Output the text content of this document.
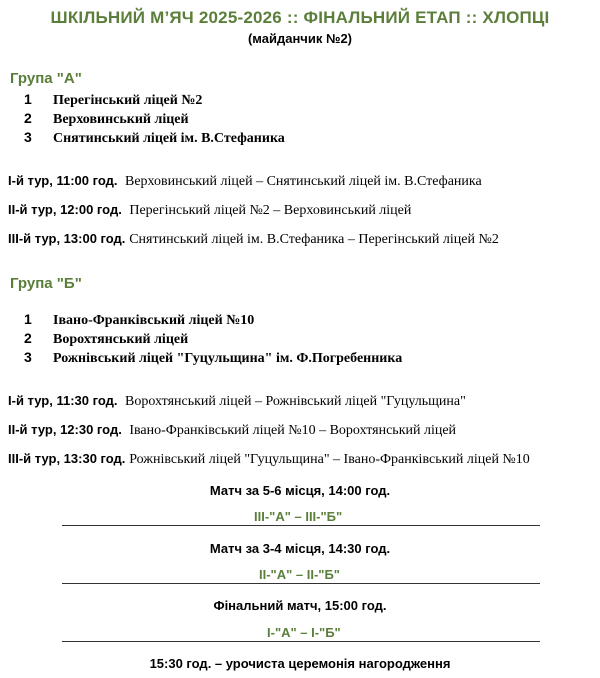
ШКІЛЬНИЙ М’ЯЧ 2025-2026 :: ФІНАЛЬНИЙ ЕТАП :: ХЛОПЦІ
(майданчик №2)
Група "А"
1 Перегінський ліцей №2
2 Верховинський ліцей
3 Снятинський ліцей ім. В.Стефаника
І-й тур, 11:00 год. Верховинський ліцей – Снятинський ліцей ім. В.Стефаника
ІІ-й тур, 12:00 год. Перегінський ліцей №2 – Верховинський ліцей
ІІІ-й тур, 13:00 год. Снятинський ліцей ім. В.Стефаника – Перегінський ліцей №2
Група "Б"
1 Івано-Франківський ліцей №10
2 Ворохтянський ліцей
3 Рожнівський ліцей "Гуцульщина" ім. Ф.Погребенника
І-й тур, 11:30 год. Ворохтянський ліцей – Рожнівський ліцей "Гуцульщина"
ІІ-й тур, 12:30 год. Івано-Франківський ліцей №10 – Ворохтянський ліцей
ІІІ-й тур, 13:30 год. Рожнівський ліцей "Гуцульщина" – Івано-Франківський ліцей №10
Матч за 5-6 місця, 14:00 год.
ІІІ-"А" – ІІІ-"Б"
Матч за 3-4 місця, 14:30 год.
ІІ-"А" – ІІ-"Б"
Фінальний матч, 15:00 год.
І-"А" – І-"Б"
15:30 год. – урочиста церемонія нагородження
